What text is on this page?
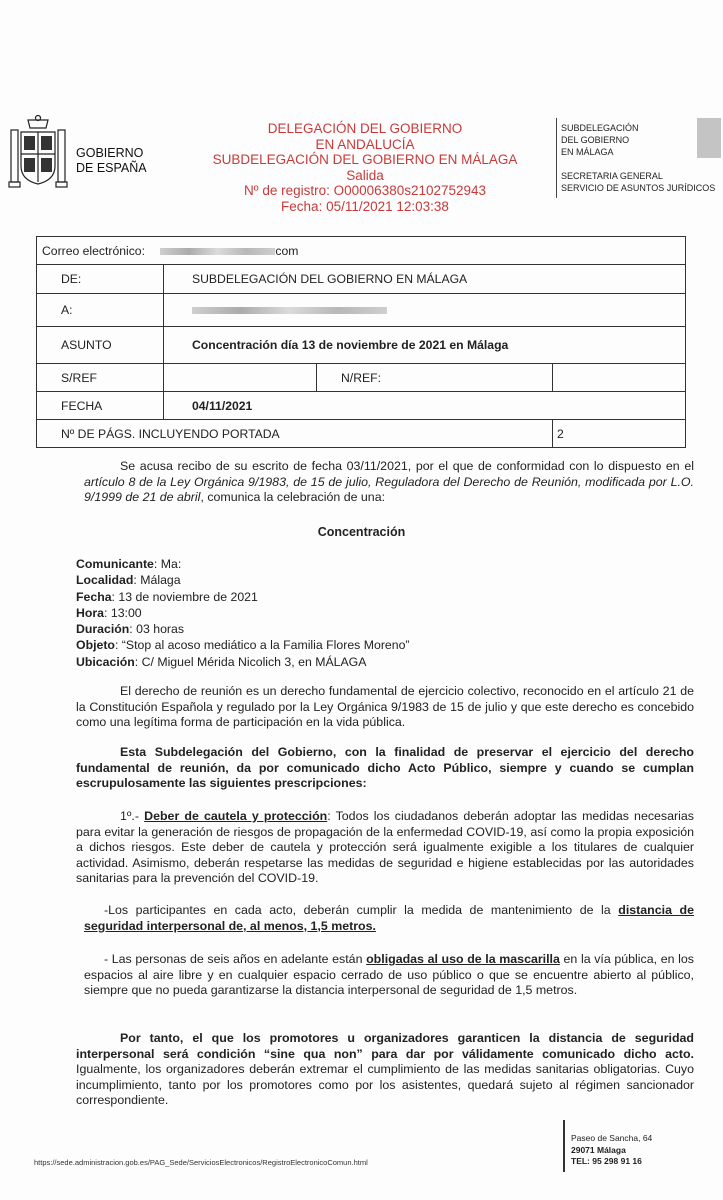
GOBIERNO
DE ESPAÑA
DELEGACIÓN DEL GOBIERNO
EN ANDALUCÍA
SUBDELEGACIÓN DEL GOBIERNO EN MÁLAGA
Salida
Nº de registro: O00006380s2102752943
Fecha: 05/11/2021 12:03:38
SUBDELEGACIÓN
DEL GOBIERNO
EN MÁLAGA
SECRETARIA GENERAL
SERVICIO DE ASUNTOS JURÍDICOS
Correo electrónico: com			
DE:	SUBDELEGACIÓN DEL GOBIERNO EN MÁLAGA		
A:			
ASUNTO	Concentración día 13 de noviembre de 2021 en Málaga		
S/REF		N/REF:	
FECHA	04/11/2021		
Nº DE PÁGS. INCLUYENDO PORTADA			2
Se acusa recibo de su escrito de fecha 03/11/2021, por el que de conformidad con lo dispuesto en el artículo 8 de la Ley Orgánica 9/1983, de 15 de julio, Reguladora del Derecho de Reunión, modificada por L.O. 9/1999 de 21 de abril, comunica la celebración de una:
Concentración
Comunicante: Ma:
Localidad: Málaga
Fecha: 13 de noviembre de 2021
Hora: 13:00
Duración: 03 horas
Objeto: “Stop al acoso mediático a la Familia Flores Moreno”
Ubicación: C/ Miguel Mérida Nicolich 3, en MÁLAGA
El derecho de reunión es un derecho fundamental de ejercicio colectivo, reconocido en el artículo 21 de la Constitución Española y regulado por la Ley Orgánica 9/1983 de 15 de julio y que este derecho es concebido como una legítima forma de participación en la vida pública.
Esta Subdelegación del Gobierno, con la finalidad de preservar el ejercicio del derecho fundamental de reunión, da por comunicado dicho Acto Público, siempre y cuando se cumplan escrupulosamente las siguientes prescripciones:
1º.- Deber de cautela y protección: Todos los ciudadanos deberán adoptar las medidas necesarias para evitar la generación de riesgos de propagación de la enfermedad COVID-19, así como la propia exposición a dichos riesgos. Este deber de cautela y protección será igualmente exigible a los titulares de cualquier actividad. Asimismo, deberán respetarse las medidas de seguridad e higiene establecidas por las autoridades sanitarias para la prevención del COVID-19.
-Los participantes en cada acto, deberán cumplir la medida de mantenimiento de la distancia de seguridad interpersonal de, al menos, 1,5 metros.
- Las personas de seis años en adelante están obligadas al uso de la mascarilla en la vía pública, en los espacios al aire libre y en cualquier espacio cerrado de uso público o que se encuentre abierto al público, siempre que no pueda garantizarse la distancia interpersonal de seguridad de 1,5 metros.
Por tanto, el que los promotores u organizadores garanticen la distancia de seguridad interpersonal será condición “sine qua non” para dar por válidamente comunicado dicho acto. Igualmente, los organizadores deberán extremar el cumplimiento de las medidas sanitarias obligatorias. Cuyo incumplimiento, tanto por los promotores como por los asistentes, quedará sujeto al régimen sancionador correspondiente.
https://sede.administracion.gob.es/PAG_Sede/ServiciosElectronicos/RegistroElectronicoComun.html
Paseo de Sancha, 64
29071 Málaga
TEL: 95 298 91 16
